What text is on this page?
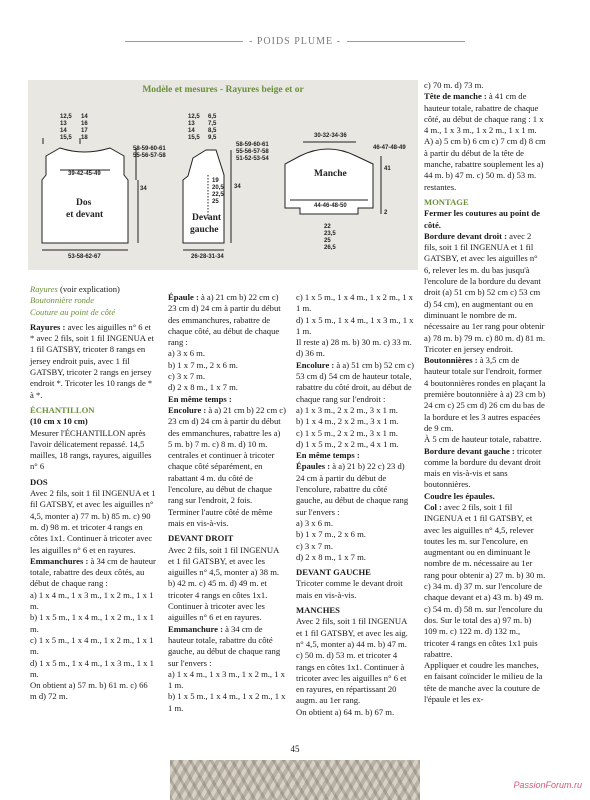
- POIDS PLUME -
Modèle et mesures - Rayures beige et or
12,5
13
14
15,5
14
16
17
18
39-42-45-49
58-59-60-61
55-56-57-58
34
Dos
et devant
53-58-62-67
12,5
13
14
15,5
6,5
7,5
8,5
9,5
58-59-60-61
55-56-57-58
51-52-53-54
19
20,5
22,5
25
34
Devant
gauche
26-28-31-34
30-32-34-36
46-47-48-49
41
Manche
44-46-48-50
2
22
23,5
25
26,5

Rayures (voir explication)

Boutonnière ronde

Couture au point de côté

Rayures : avec les aiguilles n° 6 et * avec 2 fils, soit 1 fil INGENUA et 1 fil GATSBY, tricoter 8 rangs en jersey endroit puis, avec 1 fil GATSBY, tricoter 2 rangs en jersey endroit *. Tricoter les 10 rangs de * à *.

ÉCHANTILLON

(10 cm x 10 cm)

Mesurer l'ÉCHANTILLON après l'avoir délicatement repassé. 14,5 mailles, 18 rangs, rayures, aiguilles n° 6

DOS

Avec 2 fils, soit 1 fil INGENUA et 1 fil GATSBY, et avec les aiguilles n° 4,5, monter a) 77 m. b) 85 m. c) 90 m. d) 98 m. et tricoter 4 rangs en côtes 1x1. Continuer à tricoter avec les aiguilles n° 6 et en rayures.

Emmanchures : à 34 cm de hauteur totale, rabattre des deux côtés, au début de chaque rang :

a) 1 x 4 m., 1 x 3 m., 1 x 2 m., 1 x 1 m.

b) 1 x 5 m., 1 x 4 m., 1 x 2 m., 1 x 1 m.

c) 1 x 5 m., 1 x 4 m., 1 x 2 m., 1 x 1 m.

d) 1 x 5 m., 1 x 4 m., 1 x 3 m., 1 x 1 m.

On obtient a) 57 m. b) 61 m. c) 66 m d) 72 m.

Épaule : à a) 21 cm b) 22 cm c) 23 cm d) 24 cm à partir du début des emmanchures, rabattre de chaque côté, au début de chaque rang :

a) 3 x 6 m.

b) 1 x 7 m., 2 x 6 m.

c) 3 x 7 m.

d) 2 x 8 m., 1 x 7 m.

En même temps :

Encolure : à a) 21 cm b) 22 cm c) 23 cm d) 24 cm à partir du début des emmanchures, rabattre les a) 5 m. b) 7 m. c) 8 m. d) 10 m. centrales et continuer à tricoter chaque côté séparément, en rabattant 4 m. du côté de l'encolure, au début de chaque rang sur l'endroit, 2 fois.

Terminer l'autre côté de même mais en vis-à-vis.

DEVANT DROIT

Avec 2 fils, soit 1 fil INGENUA et 1 fil GATSBY, et avec les aiguilles n° 4,5, monter a) 38 m. b) 42 m. c) 45 m. d) 49 m. et tricoter 4 rangs en côtes 1x1. Continuer à tricoter avec les aiguilles n° 6 et en rayures.

Emmanchure : à 34 cm de hauteur totale, rabattre du côté gauche, au début de chaque rang sur l'envers :

a) 1 x 4 m., 1 x 3 m., 1 x 2 m., 1 x 1 m.

b) 1 x 5 m., 1 x 4 m., 1 x 2 m., 1 x 1 m.

c) 1 x 5 m., 1 x 4 m., 1 x 2 m., 1 x 1 m.

d) 1 x 5 m., 1 x 4 m., 1 x 3 m., 1 x 1 m.

Il reste a) 28 m. b) 30 m. c) 33 m. d) 36 m.

Encolure : à a) 51 cm b) 52 cm c) 53 cm d) 54 cm de hauteur totale, rabattre du côté droit, au début de chaque rang sur l'endroit :

a) 1 x 3 m., 2 x 2 m., 3 x 1 m.

b) 1 x 4 m., 2 x 2 m., 3 x 1 m.

c) 1 x 5 m., 2 x 2 m., 3 x 1 m.

d) 1 x 5 m., 2 x 2 m., 4 x 1 m.

En même temps :

Épaules : à a) 21 b) 22 c) 23 d) 24 cm à partir du début de l'encolure, rabattre du côté gauche, au début de chaque rang sur l'envers :

a) 3 x 6 m.

b) 1 x 7 m., 2 x 6 m.

c) 3 x 7 m.

d) 2 x 8 m., 1 x 7 m.

DEVANT GAUCHE

Tricoter comme le devant droit mais en vis-à-vis.

MANCHES

Avec 2 fils, soit 1 fil INGENUA et 1 fil GATSBY, et avec les aig. n° 4,5, monter a) 44 m. b) 47 m. c) 50 m. d) 53 m. et tricoter 4 rangs en côtes 1x1. Continuer à tricoter avec les aiguilles n° 6 et en rayures, en répartissant 20 augm. au 1er rang.

On obtient a) 64 m. b) 67 m.

c) 70 m. d) 73 m.

Tête de manche : à 41 cm de hauteur totale, rabattre de chaque côté, au début de chaque rang : 1 x 4 m., 1 x 3 m., 1 x 2 m., 1 x 1 m.

A) a) 5 cm b) 6 cm c) 7 cm d) 8 cm à partir du début de la tête de manche, rabattre souplement les a) 44 m. b) 47 m. c) 50 m. d) 53 m. restantes.

MONTAGE

Fermer les coutures au point de côté.

Bordure devant droit : avec 2 fils, soit 1 fil INGENUA et 1 fil GATSBY, et avec les aiguilles n° 6, relever les m. du bas jusqu'à l'encolure de la bordure du devant droit (a) 51 cm b) 52 cm c) 53 cm d) 54 cm), en augmentant ou en diminuant le nombre de m. nécessaire au 1er rang pour obtenir a) 78 m. b) 79 m. c) 80 m. d) 81 m. Tricoter en jersey endroit.

Boutonnières : à 3,5 cm de hauteur totale sur l'endroit, former 4 boutonnières rondes en plaçant la première boutonnière à a) 23 cm b) 24 cm c) 25 cm d) 26 cm du bas de la bordure et les 3 autres espacées de 9 cm.

À 5 cm de hauteur totale, rabattre.

Bordure devant gauche : tricoter comme la bordure du devant droit mais en vis-à-vis et sans boutonnières.

Coudre les épaules.

Col : avec 2 fils, soit 1 fil INGENUA et 1 fil GATSBY, et avec les aiguilles n° 4,5, relever toutes les m. sur l'encolure, en augmentant ou en diminuant le nombre de m. nécessaire au 1er rang pour obtenir a) 27 m. b) 30 m. c) 34 m. d) 37 m. sur l'encolure de chaque devant et a) 43 m. b) 49 m. c) 54 m. d) 58 m. sur l'encolure du dos. Sur le total des a) 97 m. b) 109 m. c) 122 m. d) 132 m., tricoter 4 rangs en côtes 1x1 puis rabattre.

Appliquer et coudre les manches, en faisant coïncider le milieu de la tête de manche avec la couture de l'épaule et les ex-

45
PassionForum.ru
